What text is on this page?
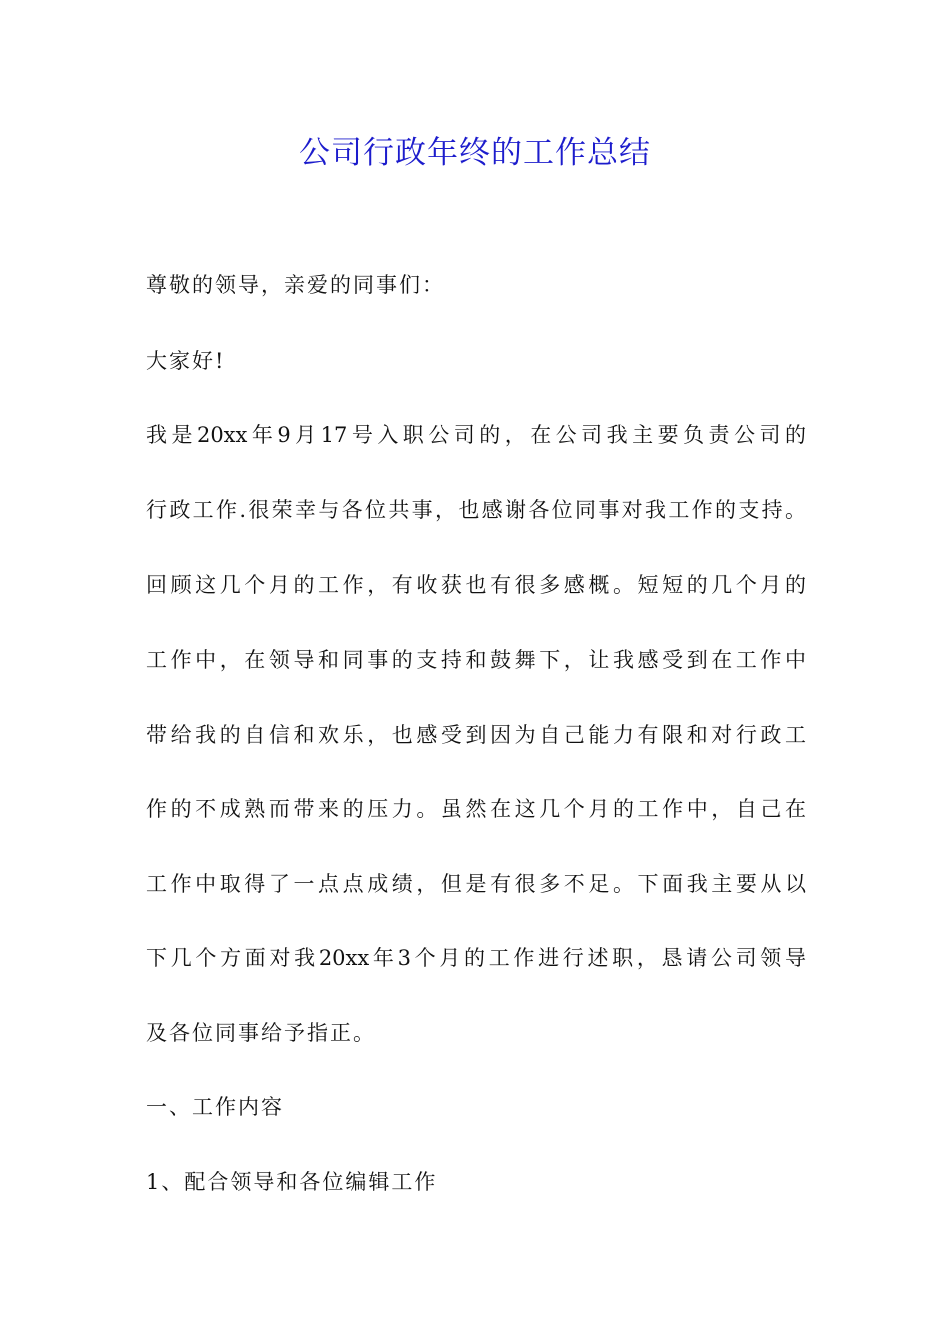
公司行政年终的工作总结
尊敬的领导，亲爱的同事们：
大家好!
我是20xx年9月17号入职公司的，在公司我主要负责公司的
行政工作.很荣幸与各位共事，也感谢各位同事对我工作的支持。
回顾这几个月的工作，有收获也有很多感概。短短的几个月的
工作中，在领导和同事的支持和鼓舞下，让我感受到在工作中
带给我的自信和欢乐，也感受到因为自己能力有限和对行政工
作的不成熟而带来的压力。虽然在这几个月的工作中，自己在
工作中取得了一点点成绩，但是有很多不足。下面我主要从以
下几个方面对我20xx年3个月的工作进行述职，恳请公司领导
及各位同事给予指正。
一、工作内容
1、配合领导和各位编辑工作
